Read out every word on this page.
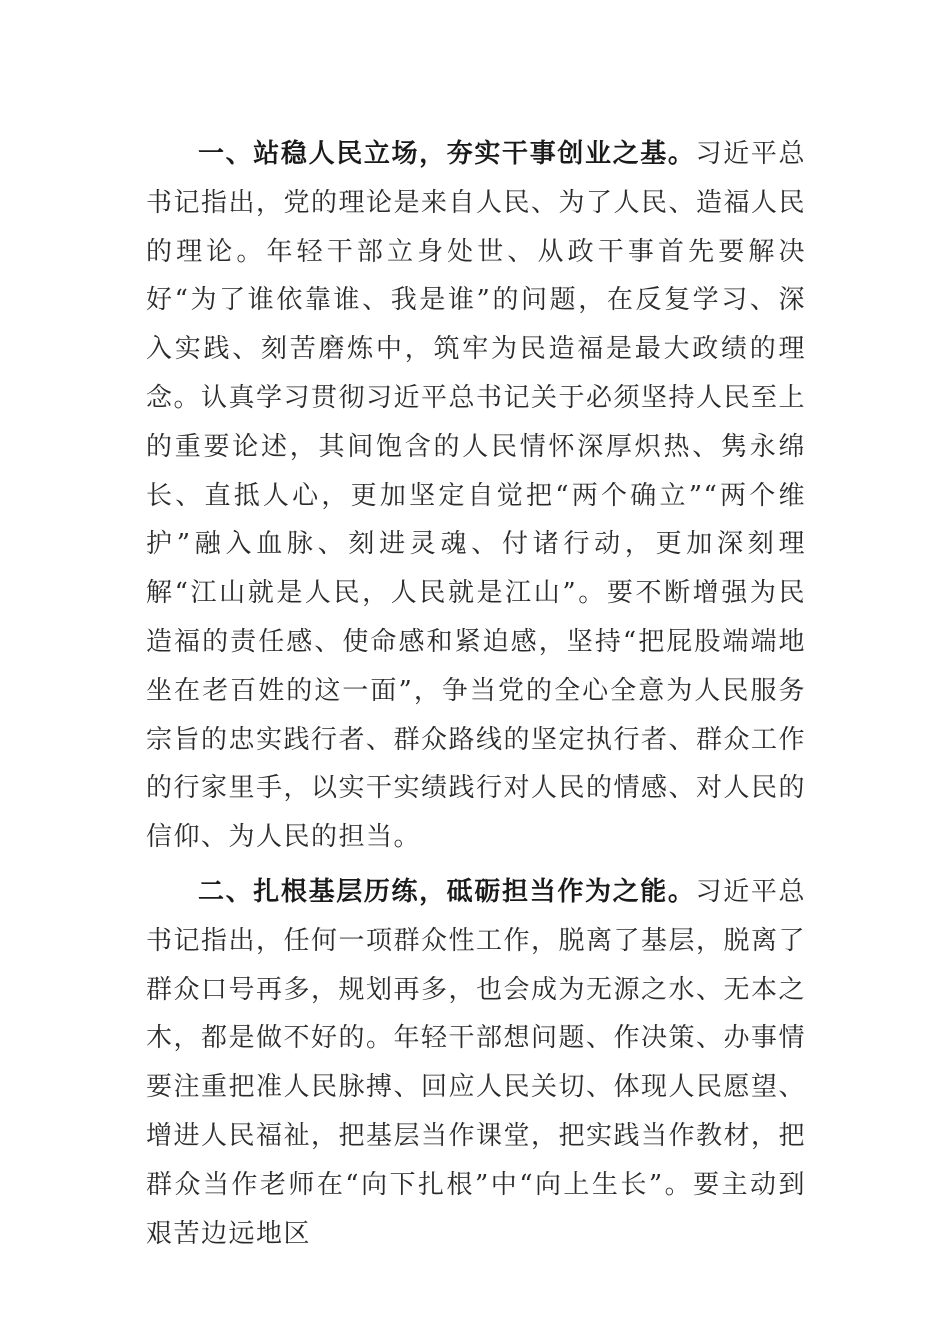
一、站稳人民立场，夯实干事创业之基。习近平总书记指出，党的理论是来自人民、为了人民、造福人民的理论。年轻干部立身处世、从政干事首先要解决好“为了谁依靠谁、我是谁”的问题，在反复学习、深入实践、刻苦磨炼中，筑牢为民造福是最大政绩的理念。认真学习贯彻习近平总书记关于必须坚持人民至上的重要论述，其间饱含的人民情怀深厚炽热、隽永绵长、直抵人心，更加坚定自觉把“两个确立”“两个维护”融入血脉、刻进灵魂、付诸行动，更加深刻理解“江山就是人民，人民就是江山”。要不断增强为民造福的责任感、使命感和紧迫感，坚持“把屁股端端地坐在老百姓的这一面”，争当党的全心全意为人民服务宗旨的忠实践行者、群众路线的坚定执行者、群众工作的行家里手，以实干实绩践行对人民的情感、对人民的信仰、为人民的担当。

二、扎根基层历练，砥砺担当作为之能。习近平总书记指出，任何一项群众性工作，脱离了基层，脱离了群众口号再多，规划再多，也会成为无源之水、无本之木，都是做不好的。年轻干部想问题、作决策、办事情要注重把准人民脉搏、回应人民关切、体现人民愿望、增进人民福祉，把基层当作课堂，把实践当作教材，把群众当作老师在“向下扎根”中“向上生长”。要主动到艰苦边远地区
